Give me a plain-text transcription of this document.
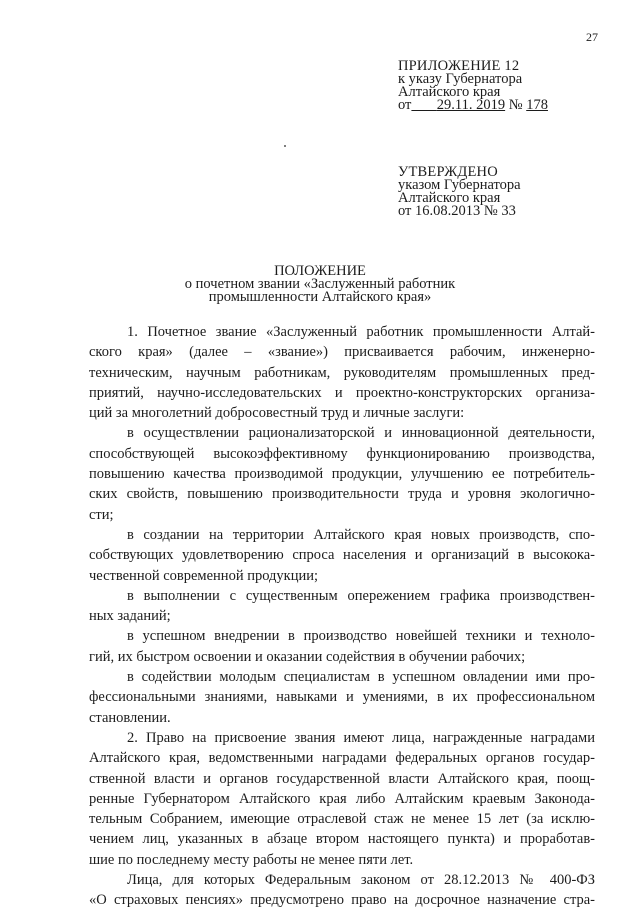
27
ПРИЛОЖЕНИЕ 12
к указу Губернатора
Алтайского края
от 29.11. 2019 № 178
УТВЕРЖДЕНО
указом Губернатора
Алтайского края
от 16.08.2013 № 33
ПОЛОЖЕНИЕ
о почетном звании «Заслуженный работник
промышленности Алтайского края»
1. Почетное звание «Заслуженный работник промышленности Алтай-
ского края» (далее – «звание») присваивается рабочим, инженерно-
техническим, научным работникам, руководителям промышленных пред-
приятий, научно-исследовательских и проектно-конструкторских организа-
ций за многолетний добросовестный труд и личные заслуги:
в осуществлении рационализаторской и инновационной деятельности,
способствующей высокоэффективному функционированию производства,
повышению качества производимой продукции, улучшению ее потребитель-
ских свойств, повышению производительности труда и уровня экологично-
сти;
в создании на территории Алтайского края новых производств, спо-
собствующих удовлетворению спроса населения и организаций в высокока-
чественной современной продукции;
в выполнении с существенным опережением графика производствен-
ных заданий;
в успешном внедрении в производство новейшей техники и техноло-
гий, их быстром освоении и оказании содействия в обучении рабочих;
в содействии молодым специалистам в успешном овладении ими про-
фессиональными знаниями, навыками и умениями, в их профессиональном
становлении.
2. Право на присвоение звания имеют лица, награжденные наградами
Алтайского края, ведомственными наградами федеральных органов государ-
ственной власти и органов государственной власти Алтайского края, поощ-
ренные Губернатором Алтайского края либо Алтайским краевым Законода-
тельным Собранием, имеющие отраслевой стаж не менее 15 лет (за исклю-
чением лиц, указанных в абзаце втором настоящего пункта) и проработав-
шие по последнему месту работы не менее пяти лет.
Лица, для которых Федеральным законом от 28.12.2013 № 400-ФЗ
«О страховых пенсиях» предусмотрено право на досрочное назначение стра-
